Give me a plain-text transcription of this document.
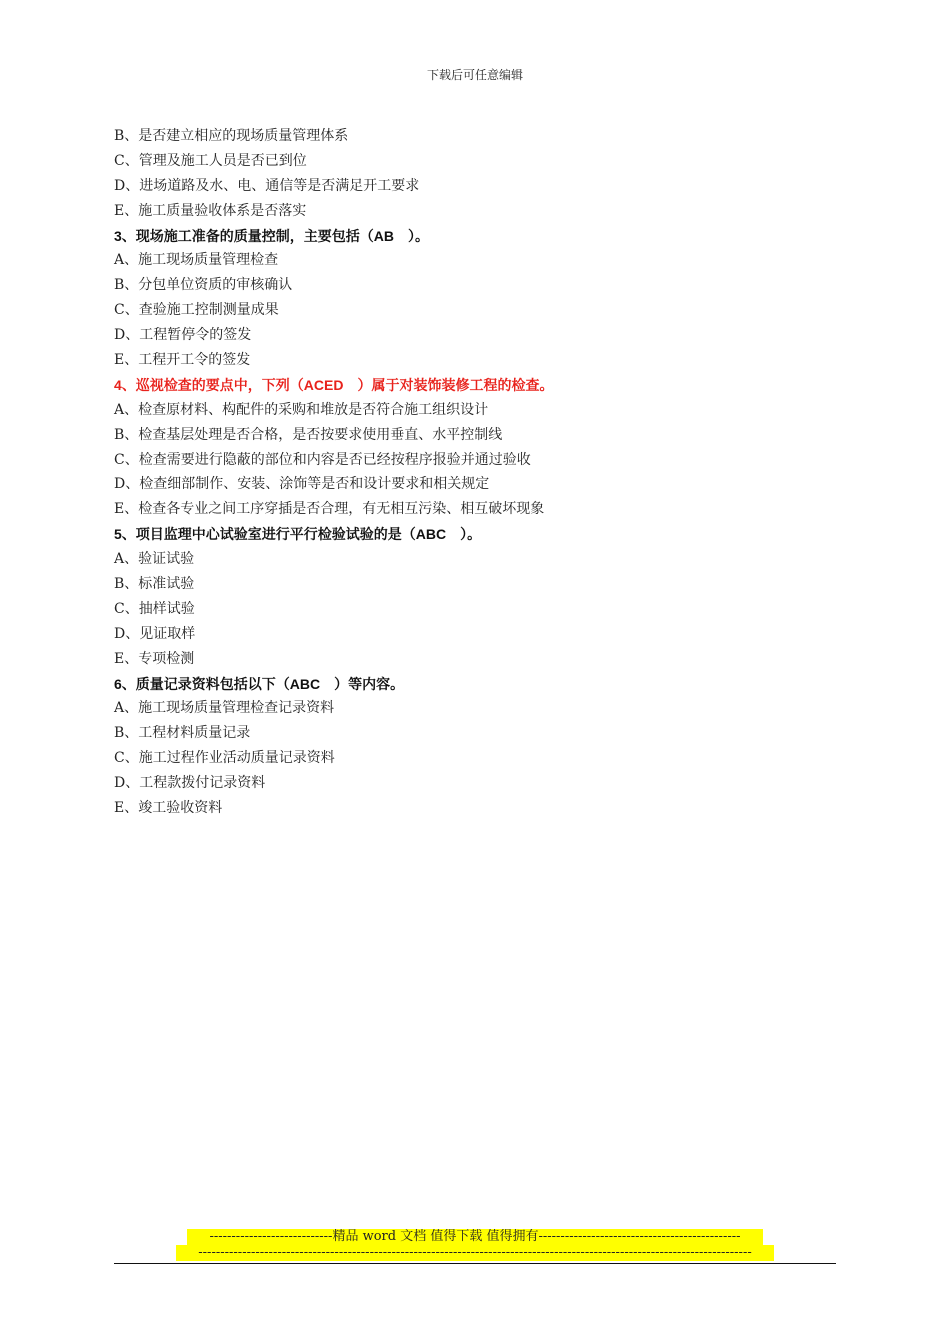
下载后可任意编辑
B、是否建立相应的现场质量管理体系
C、管理及施工人员是否已到位
D、进场道路及水、电、通信等是否满足开工要求
E、施工质量验收体系是否落实
3、现场施工准备的质量控制，主要包括（AB　）。
A、施工现场质量管理检查
B、分包单位资质的审核确认
C、查验施工控制测量成果
D、工程暂停令的签发
E、工程开工令的签发
4、巡视检查的要点中，下列（ACED　）属于对装饰装修工程的检查。
A、检查原材料、构配件的采购和堆放是否符合施工组织设计
B、检查基层处理是否合格，是否按要求使用垂直、水平控制线
C、检查需要进行隐蔽的部位和内容是否已经按程序报验并通过验收
D、检查细部制作、安装、涂饰等是否和设计要求和相关规定
E、检查各专业之间工序穿插是否合理，有无相互污染、相互破坏现象
5、项目监理中心试验室进行平行检验试验的是（ABC　）。
A、验证试验
B、标准试验
C、抽样试验
D、见证取样
E、专项检测
6、质量记录资料包括以下（ABC　）等内容。
A、施工现场质量管理检查记录资料
B、工程材料质量记录
C、施工过程作业活动质量记录资料
D、工程款拨付记录资料
E、竣工验收资料
----------------------------精品 word 文档 值得下载 值得拥有----------------------------------------------
------------------------------------------------------------------------------------------------------------------------------
